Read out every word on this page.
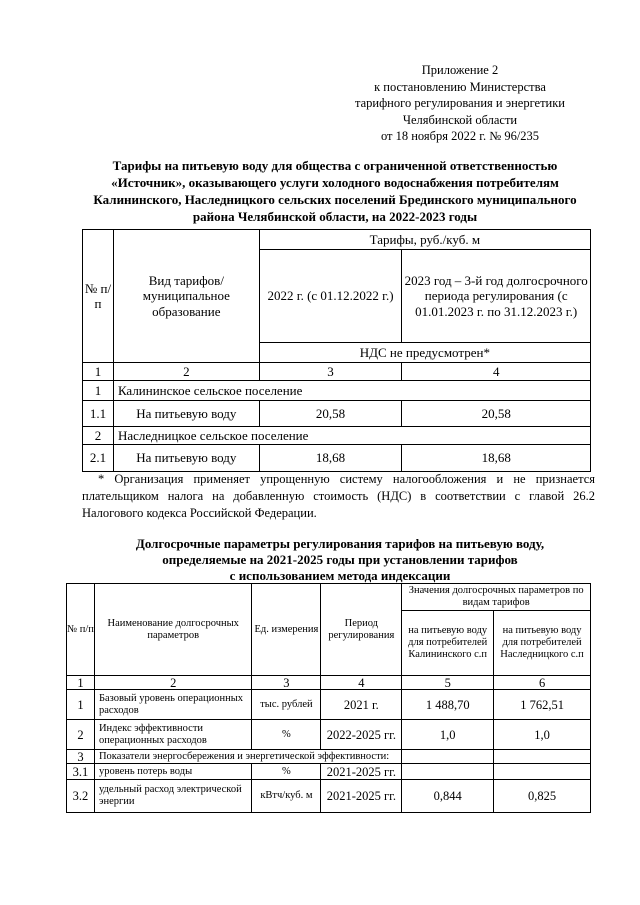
Приложение 2
к постановлению Министерства
тарифного регулирования и энергетики
Челябинской области
от 18 ноября 2022 г. № 96/235
Тарифы на питьевую воду для общества с ограниченной ответственностью
«Источник», оказывающего услуги холодного водоснабжения потребителям
Калининского, Наследницкого сельских поселений Брединского муниципального
района Челябинской области, на 2022-2023 годы
№ п/п	Вид тарифов/ муниципальное образование	Тарифы, руб./куб. м	
		2022 г. (с 01.12.2022 г.)	2023 год – 3-й год долгосрочного периода регулирования (с 01.01.2023 г. по 31.12.2023 г.)
		НДС не предусмотрен*	
1	2	3	4
1	Калининское сельское поселение		
1.1	На питьевую воду	20,58	20,58
2	Наследницкое сельское поселение		
2.1	На питьевую воду	18,68	18,68

* Организация применяет упрощенную систему налогообложения и не признается плательщиком налога на добавленную стоимость (НДС) в соответствии с главой 26.2 Налогового кодекса Российской Федерации.

Долгосрочные параметры регулирования тарифов на питьевую воду,
определяемые на 2021-2025 годы при установлении тарифов
с использованием метода индексации
№ п/п	Наименование долгосрочных параметров	Ед. измерения	Период регулирования	Значения долгосрочных параметров по видам тарифов	
				на питьевую воду для потребителей Калининского с.п	на питьевую воду для потребителей Наследницкого с.п
1	2	3	4	5	6
1	Базовый уровень операционных расходов	тыс. рублей	2021 г.	1 488,70	1 762,51
2	Индекс эффективности операционных расходов	%	2022-2025 гг.	1,0	1,0
3	Показатели энергосбережения и энергетической эффективности:				
3.1	уровень потерь воды	%	2021-2025 гг.		
3.2	удельный расход электрической энергии	кВтч/куб. м	2021-2025 гг.	0,844	0,825
